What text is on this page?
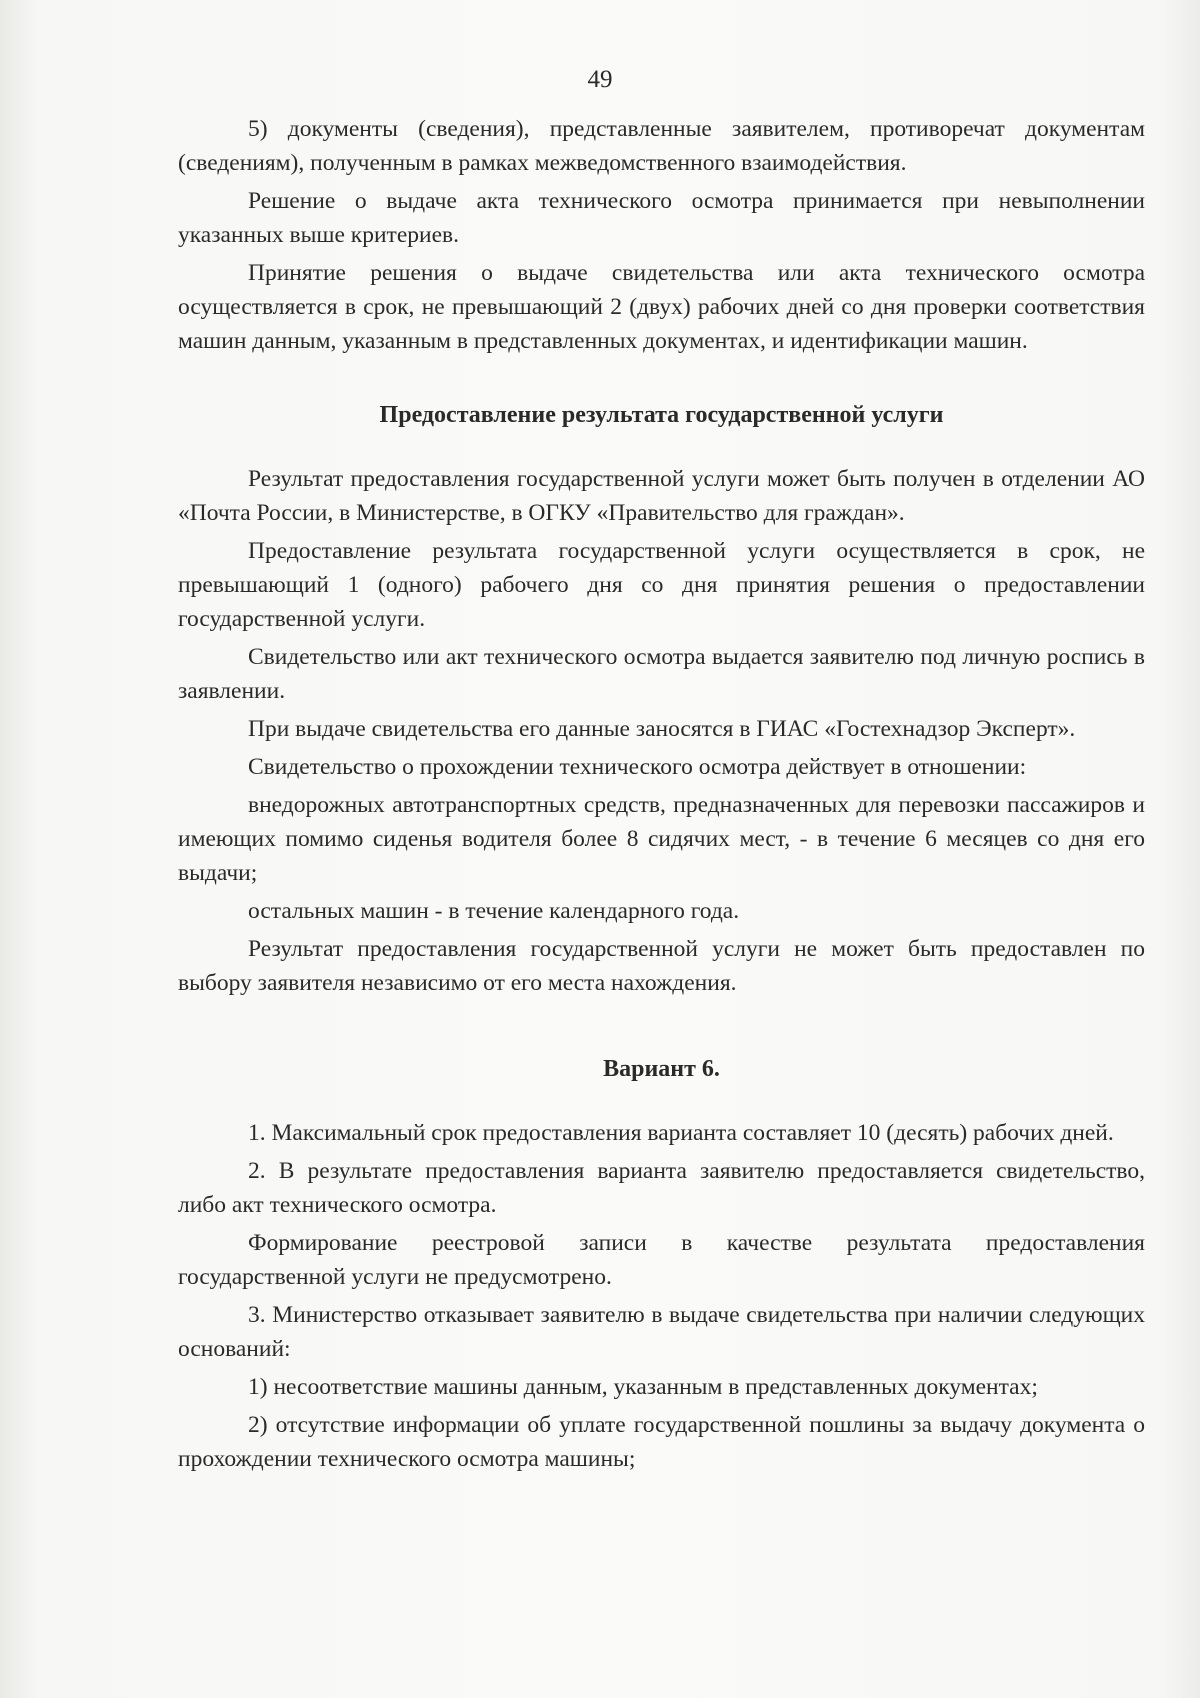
49

5) документы (сведения), представленные заявителем, противоречат документам (сведениям), полученным в рамках межведомственного взаимодействия.

Решение о выдаче акта технического осмотра принимается при невыполнении указанных выше критериев.

Принятие решения о выдаче свидетельства или акта технического осмотра осуществляется в срок, не превышающий 2 (двух) рабочих дней со дня проверки соответствия машин данным, указанным в представленных документах, и идентификации машин.

Предоставление результата государственной услуги

Результат предоставления государственной услуги может быть получен в отделении АО «Почта России, в Министерстве, в ОГКУ «Правительство для граждан».

Предоставление результата государственной услуги осуществляется в срок, не превышающий 1 (одного) рабочего дня со дня принятия решения о предоставлении государственной услуги.

Свидетельство или акт технического осмотра выдается заявителю под личную роспись в заявлении.

При выдаче свидетельства его данные заносятся в ГИАС «Гостехнадзор Эксперт».

Свидетельство о прохождении технического осмотра действует в отношении:

внедорожных автотранспортных средств, предназначенных для перевозки пассажиров и имеющих помимо сиденья водителя более 8 сидячих мест, - в течение 6 месяцев со дня его выдачи;

остальных машин - в течение календарного года.

Результат предоставления государственной услуги не может быть предоставлен по выбору заявителя независимо от его места нахождения.

Вариант 6.

1. Максимальный срок предоставления варианта составляет 10 (десять) рабочих дней.

2. В результате предоставления варианта заявителю предоставляется свидетельство, либо акт технического осмотра.

Формирование реестровой записи в качестве результата предоставления государственной услуги не предусмотрено.

3. Министерство отказывает заявителю в выдаче свидетельства при наличии следующих оснований:

1) несоответствие машины данным, указанным в представленных документах;

2) отсутствие информации об уплате государственной пошлины за выдачу документа о прохождении технического осмотра машины;
